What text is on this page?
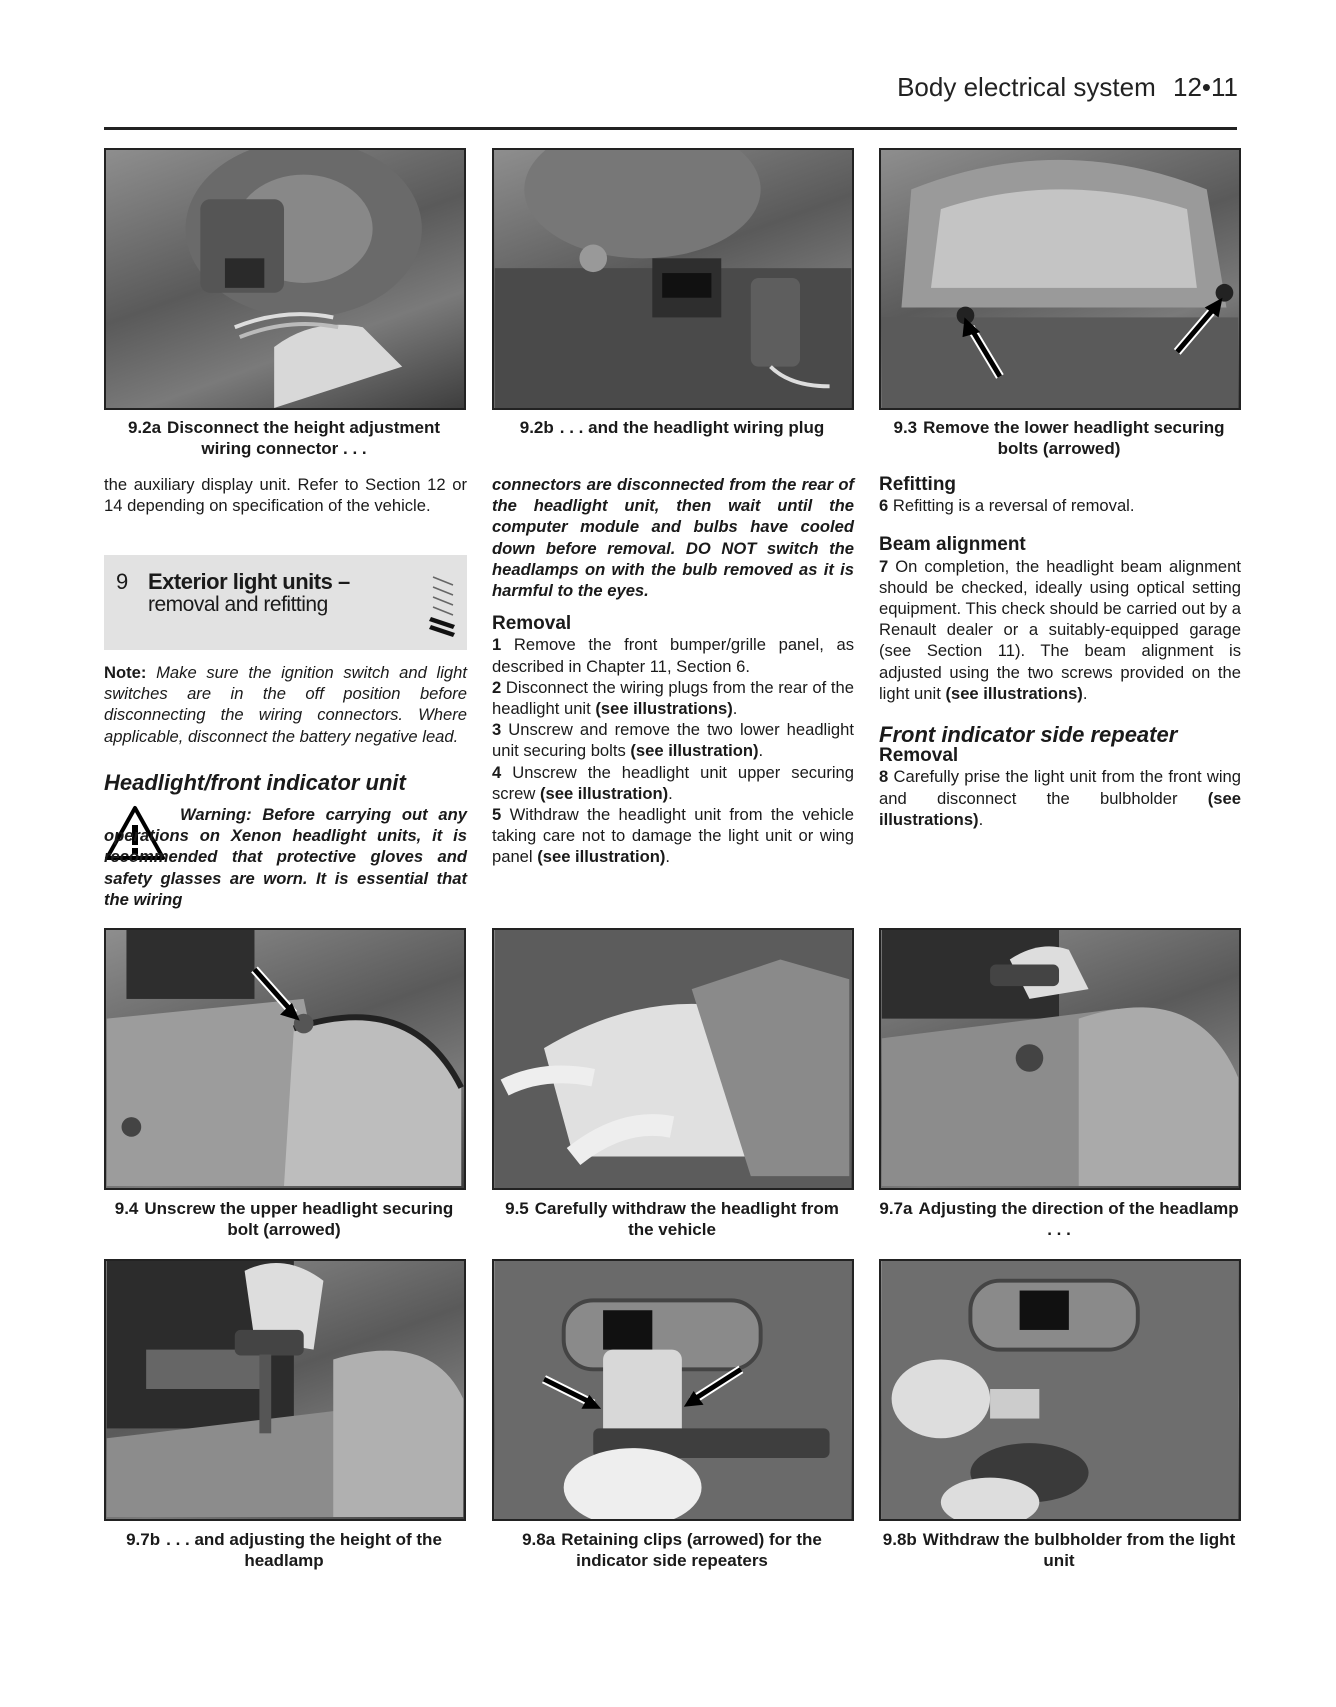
Body electrical system 12•11
9.2a Disconnect the height adjustment wiring connector . . .
9.2b . . . and the headlight wiring plug	9.3 Remove the lower headlight securing bolts (arrowed)
the auxiliary display unit. Refer to Section 12 or 14 depending on specification of the vehicle.
9 Exterior light units –
removal and refitting
Note: Make sure the ignition switch and light switches are in the off position before disconnecting the wiring connectors. Where applicable, disconnect the battery negative lead.

Headlight/front indicator unit

Warning: Before carrying out any operations on Xenon headlight units, it is recommended that protective gloves and safety glasses are worn. It is essential that the wiring

connectors are disconnected from the rear of the headlight unit, then wait until the computer module and bulbs have cooled down before removal. DO NOT switch the headlamps on with the bulb removed as it is harmful to the eyes.

Removal

1 Remove the front bumper/grille panel, as described in Chapter 11, Section 6.

2 Disconnect the wiring plugs from the rear of the headlight unit (see illustrations).

3 Unscrew and remove the two lower headlight unit securing bolts (see illustration).

4 Unscrew the headlight unit upper securing screw (see illustration).

5 Withdraw the headlight unit from the vehicle taking care not to damage the light unit or wing panel (see illustration).

Refitting

6 Refitting is a reversal of removal.

Beam alignment

7 On completion, the headlight beam alignment should be checked, ideally using optical setting equipment. This check should be carried out by a Renault dealer or a suitably-equipped garage (see Section 11). The beam alignment is adjusted using the two screws provided on the light unit (see illustrations).

Front indicator side repeater

Removal

8 Carefully prise the light unit from the front wing and disconnect the bulbholder (see illustrations).

9.4 Unscrew the upper headlight securing bolt (arrowed)
9.5 Carefully withdraw the headlight from the vehicle
9.7a Adjusting the direction of the headlamp . . .
9.7b . . . and adjusting the height of the headlamp
9.8a Retaining clips (arrowed) for the indicator side repeaters
9.8b Withdraw the bulbholder from the light unit
